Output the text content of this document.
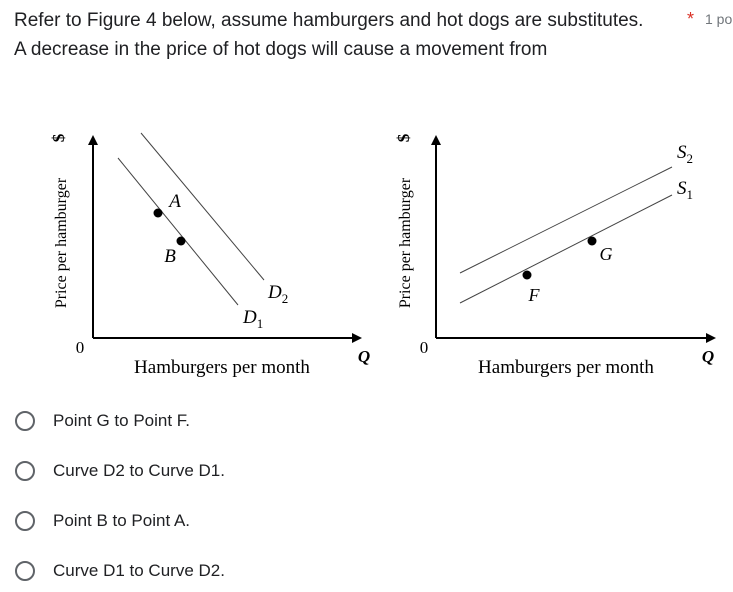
Refer to Figure 4 below, assume hamburgers and hot dogs are substitutes.
A decrease in the price of hot dogs will cause a movement from
* 1 po
A
B
$D_2$
$D_1$
Price per hamburger
$
0
Hamburgers per month
Q
F
G
$S_2$
$S_1$
Price per hamburger
$
0
Hamburgers per month
Q
Point G to Point F.
Curve D2 to Curve D1.
Point B to Point A.
Curve D1 to Curve D2.
